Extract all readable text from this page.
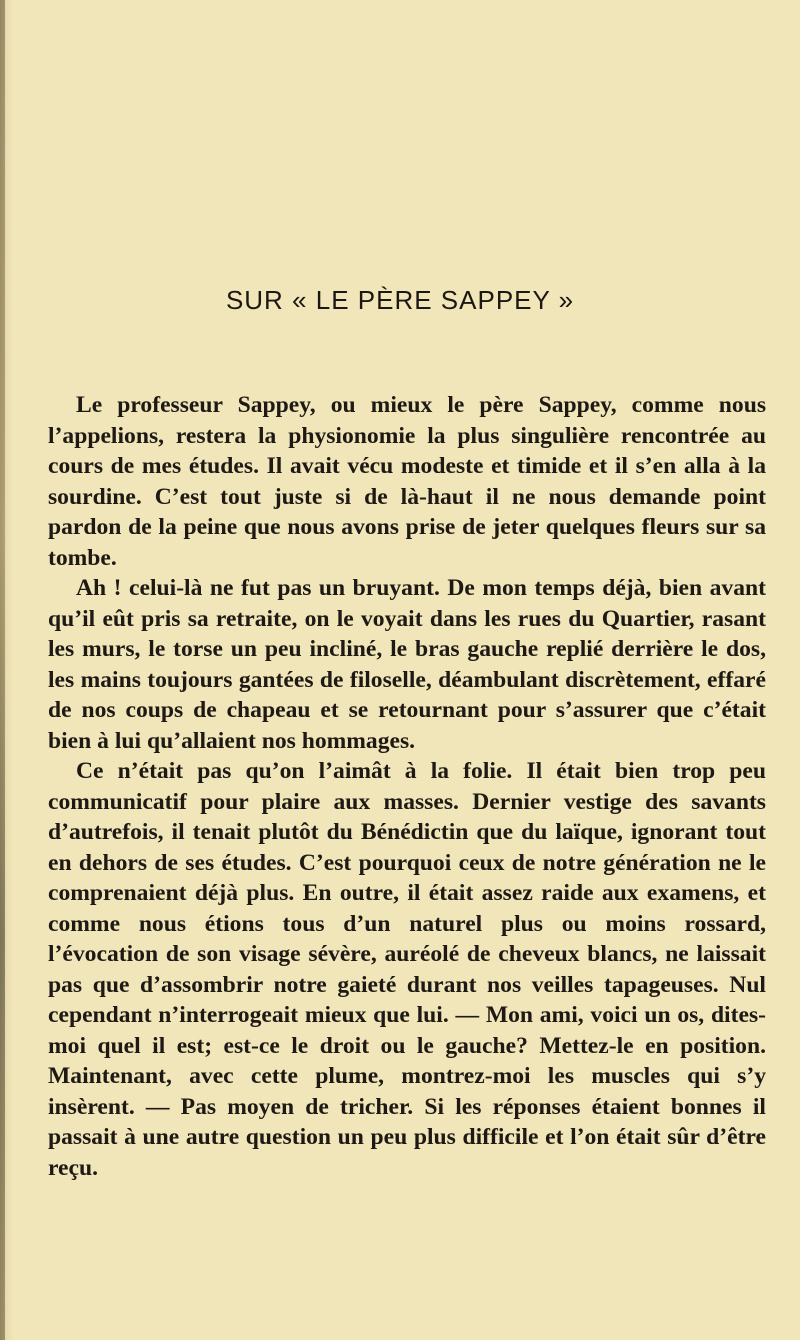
SUR « LE PÈRE SAPPEY »

Le professeur Sappey, ou mieux le père Sappey, comme nous l’appelions, restera la physionomie la plus singulière rencontrée au cours de mes études. Il avait vécu modeste et timide et il s’en alla à la sourdine. C’est tout juste si de là-haut il ne nous demande point pardon de la peine que nous avons prise de jeter quelques fleurs sur sa tombe.

Ah ! celui-là ne fut pas un bruyant. De mon temps déjà, bien avant qu’il eût pris sa retraite, on le voyait dans les rues du Quartier, rasant les murs, le torse un peu incliné, le bras gauche replié derrière le dos, les mains toujours gantées de filoselle, déambulant discrètement, effaré de nos coups de chapeau et se retournant pour s’assurer que c’était bien à lui qu’allaient nos hommages.

Ce n’était pas qu’on l’aimât à la folie. Il était bien trop peu communicatif pour plaire aux masses. Dernier vestige des savants d’autrefois, il tenait plutôt du Bénédictin que du laïque, ignorant tout en dehors de ses études. C’est pourquoi ceux de notre génération ne le comprenaient déjà plus. En outre, il était assez raide aux examens, et comme nous étions tous d’un naturel plus ou moins rossard, l’évocation de son visage sévère, auréolé de cheveux blancs, ne laissait pas que d’assombrir notre gaieté durant nos veilles tapageuses. Nul cependant n’interrogeait mieux que lui. — Mon ami, voici un os, dites-moi quel il est; est-ce le droit ou le gauche? Mettez-le en position. Maintenant, avec cette plume, montrez-moi les muscles qui s’y insèrent. — Pas moyen de tricher. Si les réponses étaient bonnes il passait à une autre question un peu plus difficile et l’on était sûr d’être reçu.
